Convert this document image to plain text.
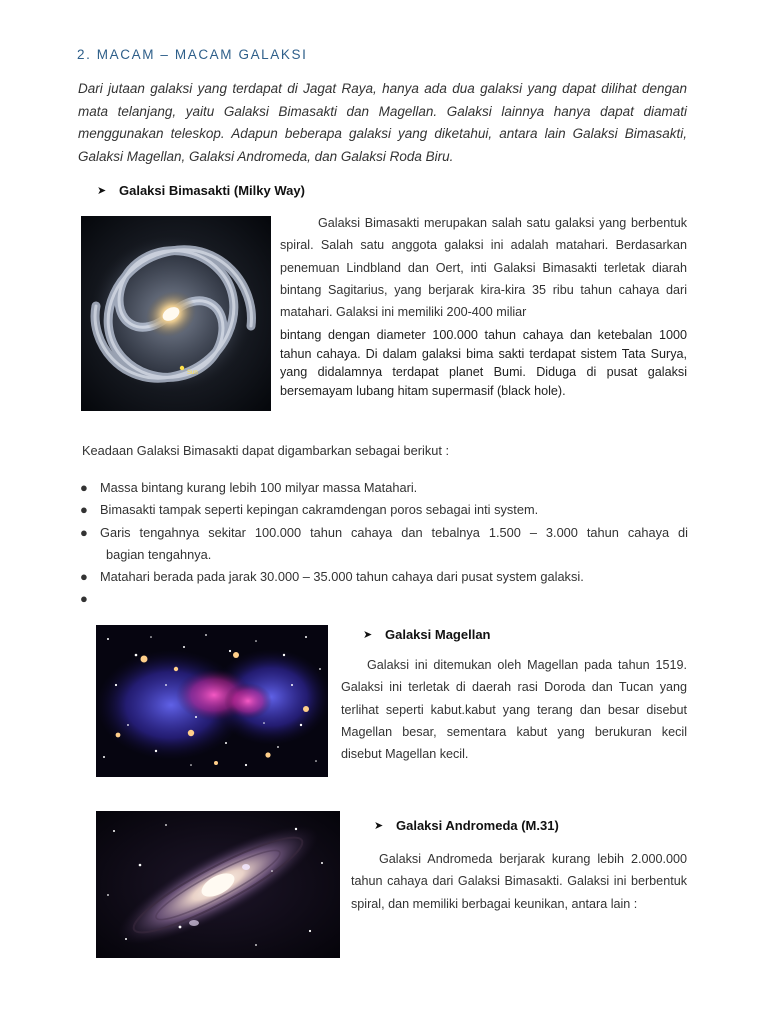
2. MACAM – MACAM GALAKSI

Dari jutaan galaksi yang terdapat di Jagat Raya, hanya ada dua galaksi yang dapat dilihat dengan mata telanjang, yaitu Galaksi Bimasakti dan Magellan. Galaksi lainnya hanya dapat diamati menggunakan teleskop. Adapun beberapa galaksi yang diketahui, antara lain Galaksi Bimasakti, Galaksi Magellan, Galaksi Andromeda, dan Galaksi Roda Biru.

➤ Galaksi Bimasakti (Milky Way)
Sun
Galaksi Bimasakti merupakan salah satu galaksi yang berbentuk spiral. Salah satu anggota galaksi ini adalah matahari. Berdasarkan penemuan Lindbland dan Oert, inti Galaksi Bimasakti terletak diarah bintang Sagitarius, yang berjarak kira-kira 35 ribu tahun cahaya dari matahari. Galaksi ini memiliki 200-400 miliar
bintang dengan diameter 100.000 tahun cahaya dan ketebalan 1000 tahun cahaya. Di dalam galaksi bima sakti terdapat sistem Tata Surya, yang didalamnya terdapat planet Bumi. Diduga di pusat galaksi bersemayam lubang hitam supermasif (black hole).
Keadaan Galaksi Bimasakti dapat digambarkan sebagai berikut :
● Massa bintang kurang lebih 100 milyar massa Matahari.
● Bimasakti tampak seperti kepingan cakramdengan poros sebagai inti system.
● Garis tengahnya sekitar 100.000 tahun cahaya dan tebalnya 1.500 – 3.000 tahun cahaya di
bagian tengahnya.
● Matahari berada pada jarak 30.000 – 35.000 tahun cahaya dari pusat system galaksi.
●
➤ Galaksi Magellan
Galaksi ini ditemukan oleh Magellan pada tahun 1519. Galaksi ini terletak di daerah rasi Doroda dan Tucan yang terlihat seperti kabut.kabut yang terang dan besar disebut Magellan besar, sementara kabut yang berukuran kecil disebut Magellan kecil.
➤ Galaksi Andromeda (M.31)
Galaksi Andromeda berjarak kurang lebih 2.000.000 tahun cahaya dari Galaksi Bimasakti. Galaksi ini berbentuk spiral, dan memiliki berbagai keunikan, antara lain :
